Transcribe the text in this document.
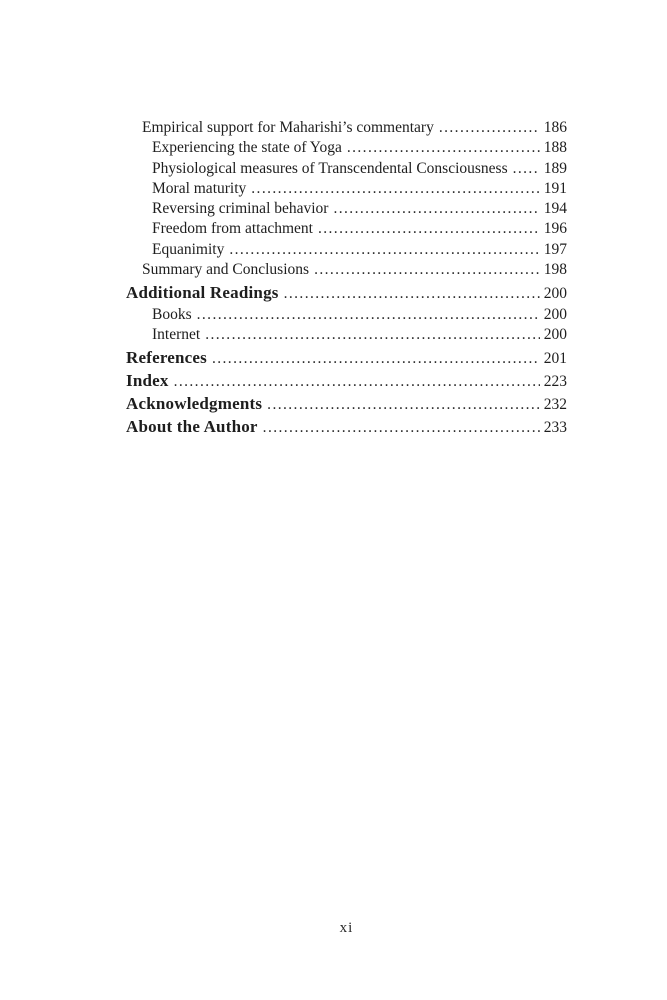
Empirical support for Maharishi’s commentary .....	186
Experiencing the state of Yoga .....	188
Physiological measures of Transcendental Consciousness ..... 189
Moral maturity .....	191
Reversing criminal behavior .....	194
Freedom from attachment .....	196
Equanimity .....	197
Summary and Conclusions .....	198
Additional Readings .....	200
Books .....	200
Internet .....	200
References .....	201
Index .....	223
Acknowledgments .....	232
About the Author .....	233
xi
